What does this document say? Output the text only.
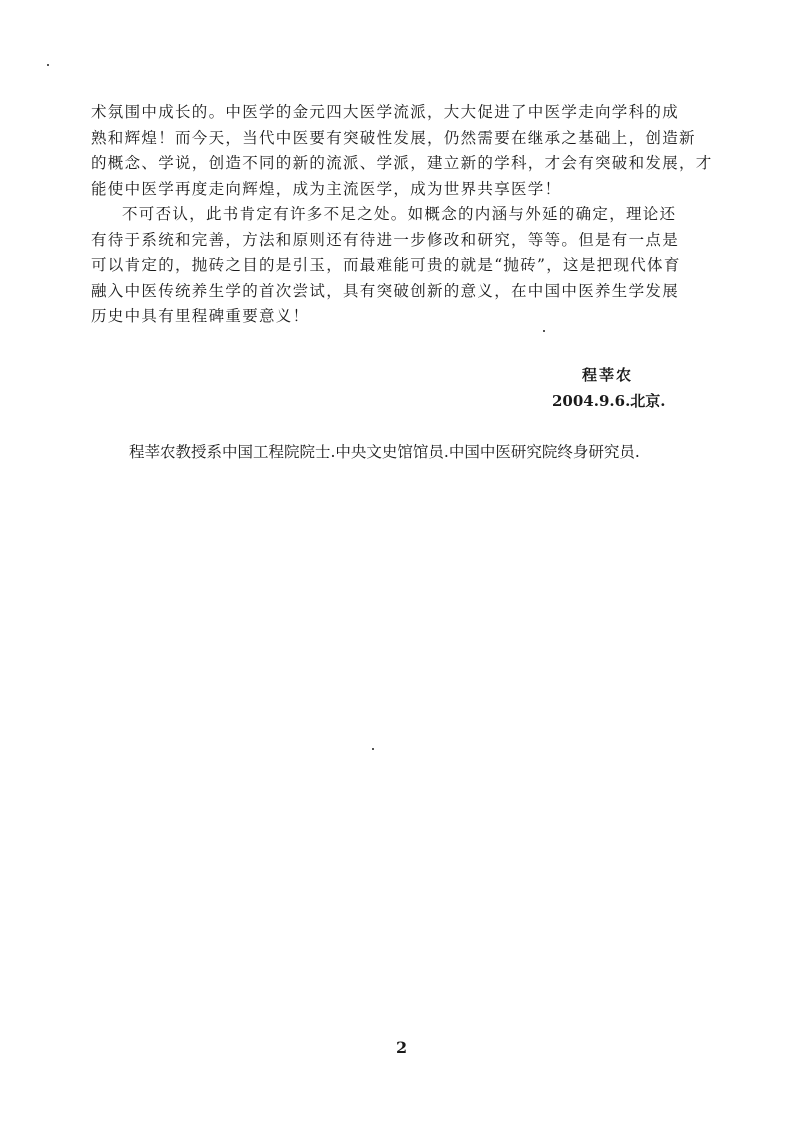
术氛围中成长的。中医学的金元四大医学流派，大大促进了中医学走向学科的成
熟和辉煌！而今天，当代中医要有突破性发展，仍然需要在继承之基础上，创造新
的概念、学说，创造不同的新的流派、学派，建立新的学科，才会有突破和发展，才
能使中医学再度走向辉煌，成为主流医学，成为世界共享医学！
不可否认，此书肯定有许多不足之处。如概念的内涵与外延的确定，理论还
有待于系统和完善，方法和原则还有待进一步修改和研究，等等。但是有一点是
可以肯定的，抛砖之目的是引玉，而最难能可贵的就是“抛砖”，这是把现代体育
融入中医传统养生学的首次尝试，具有突破创新的意义，在中国中医养生学发展
历史中具有里程碑重要意义！
程莘农
2004.9.6.北京.
程莘农教授系中国工程院院士.中央文史馆馆员.中国中医研究院终身研究员.
2
